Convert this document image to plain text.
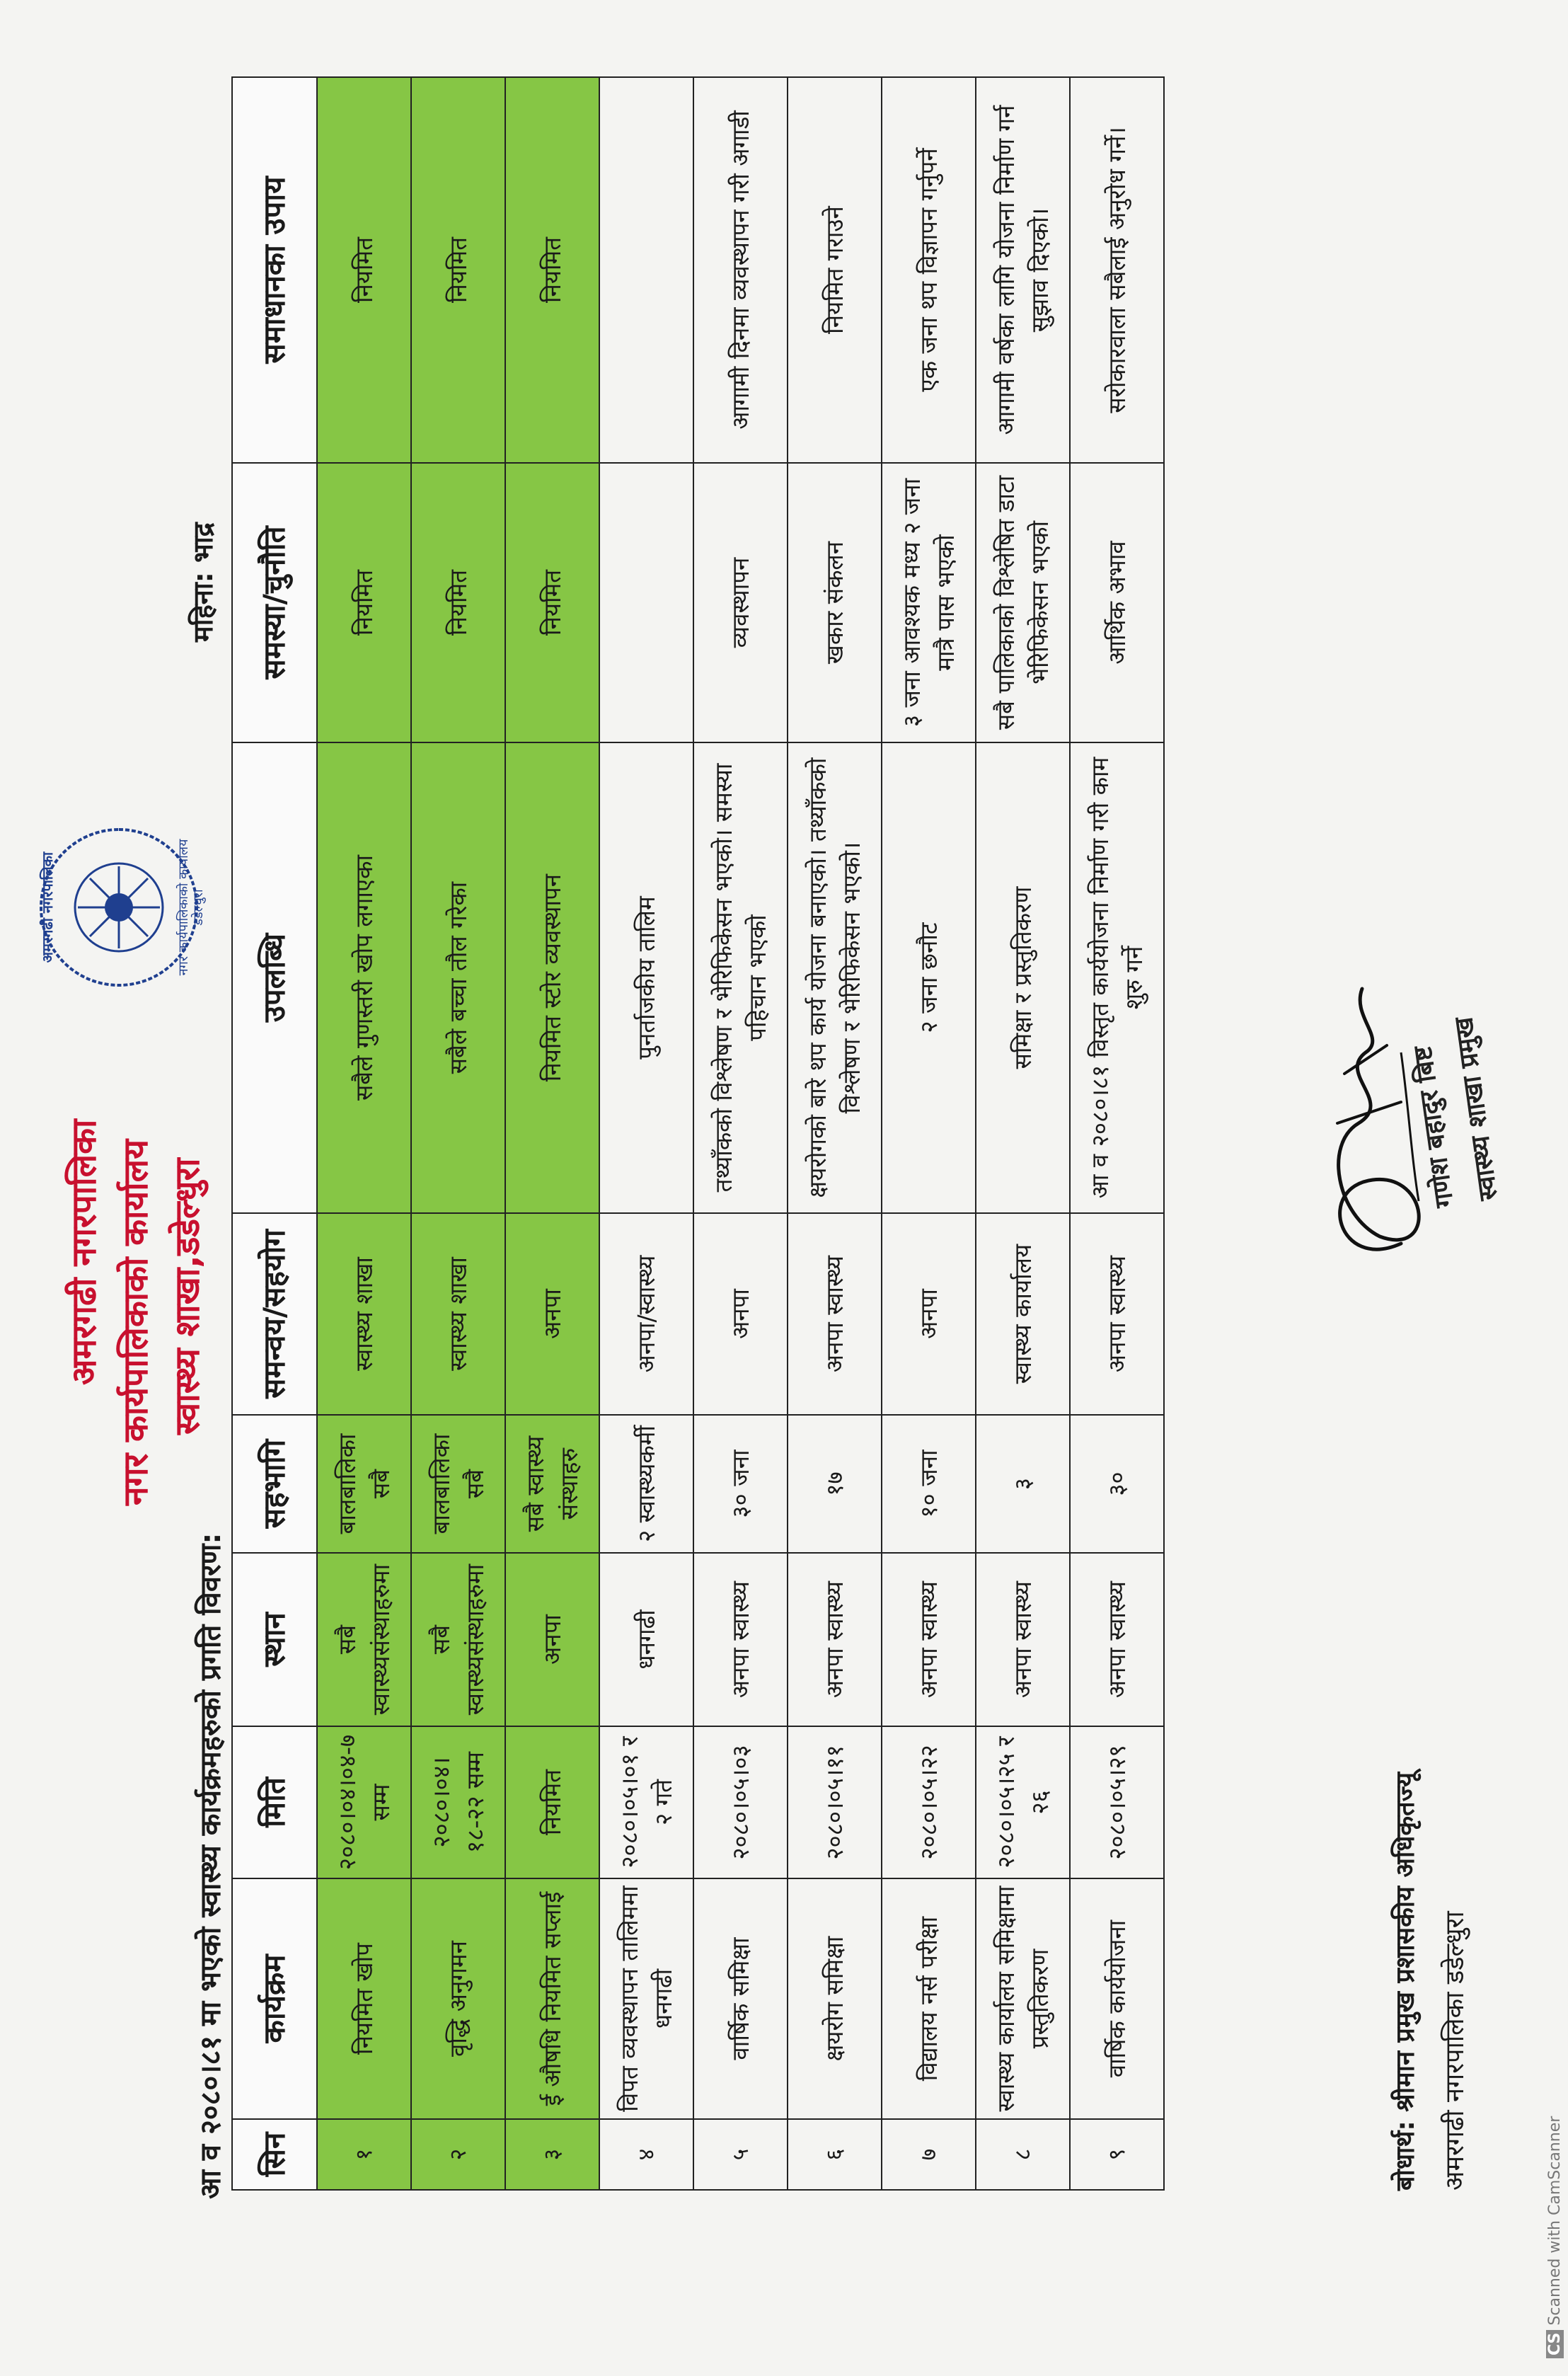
अमरगढी नगरपालिका	नगर कार्यपालिकाको कार्यालय डडेल्धुरा
अमरगढी नगरपालिका नगर कार्यपालिकाको कार्यालय स्वास्थ्य शाखा,डडेल्धुरा
आ व २०८०।८१ मा भएको स्वास्थ्य कार्यक्रमहरुको प्रगति विवरण:
महिना: भाद्र
सिन	कार्यक्रम	मिति	स्थान	सहभागि	समन्वय/सहयोग	उपलब्धि	समस्या/चुनौति	समाधानका उपाय
१	नियमित खोप	२०८०।०४।०४-७ सम्म	सबै स्वास्थ्यसंस्थाहरुमा	बालबालिका सबै	स्वास्थ्य शाखा	सबैले गुणस्तरी खोप लगाएका	नियमित	नियमित
२	वृद्धि अनुगमन	२०८०।०४।१८-२२ सम्म	सबै स्वास्थ्यसंस्थाहरुमा	बालबालिका सबै	स्वास्थ्य शाखा	सबैले बच्चा तौल गरेका	नियमित	नियमित
३	ई औषधि नियमित सप्लाई	नियमित	अनपा	सबै स्वास्थ्य संस्थाहरु	अनपा	नियमित स्टोर व्यवस्थापन	नियमित	नियमित
४	विपत व्यवस्थापन तालिममा धनगढी	२०८०।०५।०१ र २ गते	धनगढी	२ स्वास्थ्यकर्मी	अनपा/स्वास्थ्य	पुनर्ताजकीय तालिम		
५	वार्षिक समिक्षा	२०८०।०५।०३	अनपा स्वास्थ्य	३० जना	अनपा	तथ्याँकको विश्लेषण र भेरिफिकेसन भएको। समस्या पहिचान भएको	व्यवस्थापन	आगामी दिनमा व्यवस्थापन गरी अगाडी
६	क्षयरोग समिक्षा	२०८०।०५।११	अनपा स्वास्थ्य	१७	अनपा स्वास्थ्य	क्षयरोगको बारे थप कार्य योजना बनाएको। तथ्याँकको विश्लेषण र भेरिफिकेसन भएको।	खकार संकलन	नियमित गराउने
७	विद्यालय नर्स परीक्षा	२०८०।०५।२२	अनपा स्वास्थ्य	१० जना	अनपा	२ जना छनौट	३ जना आवश्यक मध्य २ जना मात्रै पास भएको	एक जना थप विज्ञापन गर्नुपर्ने
८	स्वास्थ्य कार्यालय समिक्षामा प्रस्तुतिकरण	२०८०।०५।२५ र २६	अनपा स्वास्थ्य	३	स्वास्थ्य कार्यालय	समिक्षा र प्रस्तुतिकरण	सबै पालिकाको विश्लेषित डाटा भेरिफिकेसन भएको	आगामी वर्षका लागि योजना निर्माण गर्न सुझाव दिएको।
९	वार्षिक कार्ययोजना	२०८०।०५।२९	अनपा स्वास्थ्य	३०	अनपा स्वास्थ्य	आ व २०८०।८१ विस्तृत कार्ययोजना निर्माण गरी काम शुरु गर्ने	आर्थिक अभाव	सरोकारवाला सबैलाई अनुरोध गर्ने।
गणेश बहादुर बिष्ट
स्वास्थ्य शाखा प्रमुख
बोधार्थ: श्रीमान प्रमुख प्रशासकीय अधिकृतज्यू अमरगढी नगरपालिका डडेल्धुरा
CSScanned with CamScanner
